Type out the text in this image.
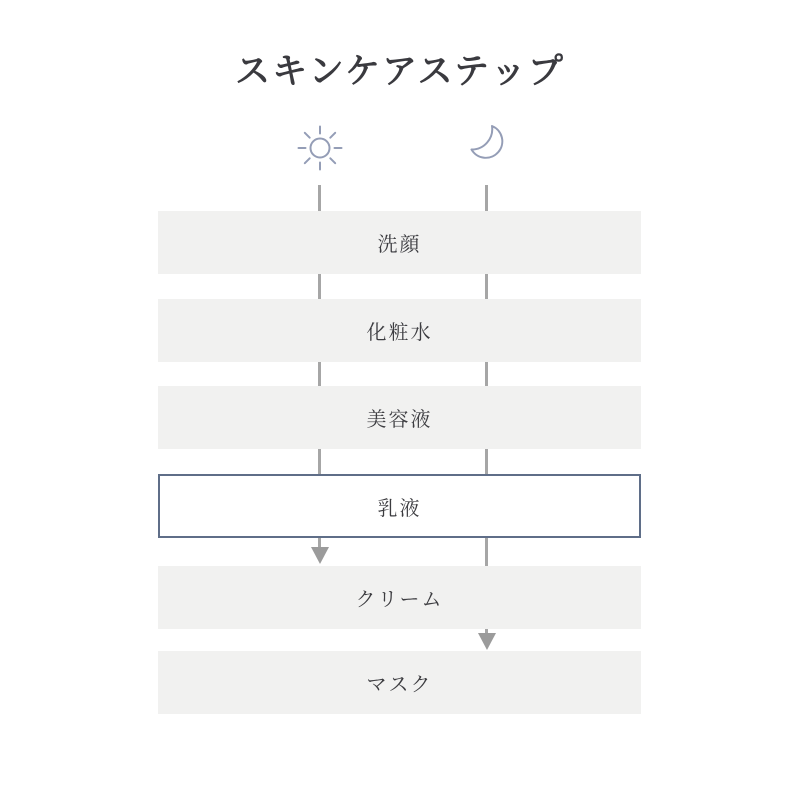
スキンケアステップ
洗顔
化粧水
美容液
乳液
クリーム
マスク
